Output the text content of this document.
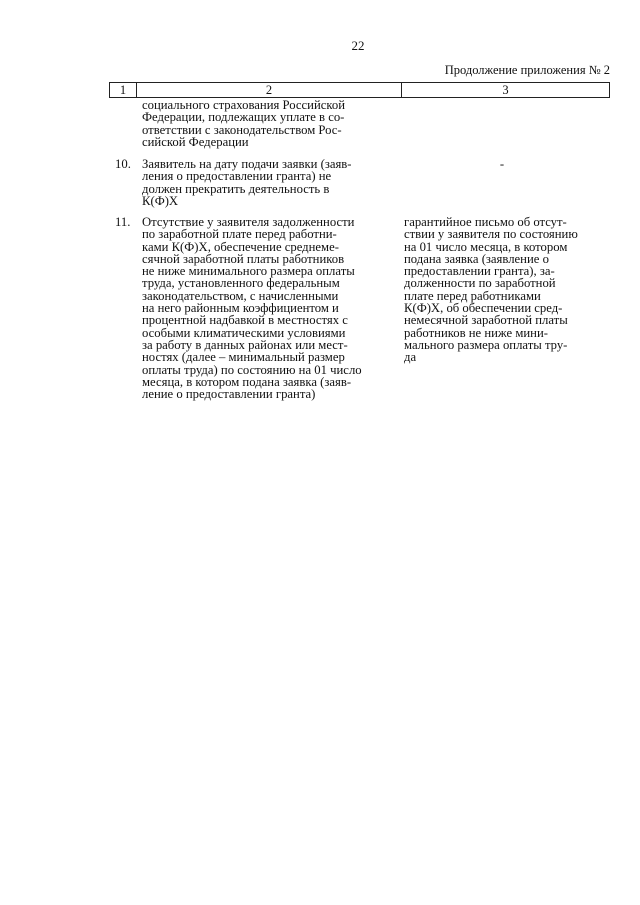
22
Продолжение приложения № 2
1	2	3
социального страхования Российской
Федерации, подлежащих уплате в со-
ответствии с законодательством Рос-
сийской Федерации
10. Заявитель на дату подачи заявки (заяв-
ления о предоставлении гранта) не
должен прекратить деятельность в
К(Ф)Х
-
11. Отсутствие у заявителя задолженности
по заработной плате перед работни-
ками К(Ф)Х, обеспечение среднеме-
сячной заработной платы работников
не ниже минимального размера оплаты
труда, установленного федеральным
законодательством, с начисленными
на него районным коэффициентом и
процентной надбавкой в местностях с
особыми климатическими условиями
за работу в данных районах или мест-
ностях (далее – минимальный размер
оплаты труда) по состоянию на 01 число
месяца, в котором подана заявка (заяв-
ление о предоставлении гранта)
гарантийное письмо об отсут-
ствии у заявителя по состоянию
на 01 число месяца, в котором
подана заявка (заявление о
предоставлении гранта), за-
долженности по заработной
плате перед работниками
К(Ф)Х, об обеспечении сред-
немесячной заработной платы
работников не ниже мини-
мального размера оплаты тру-
да
